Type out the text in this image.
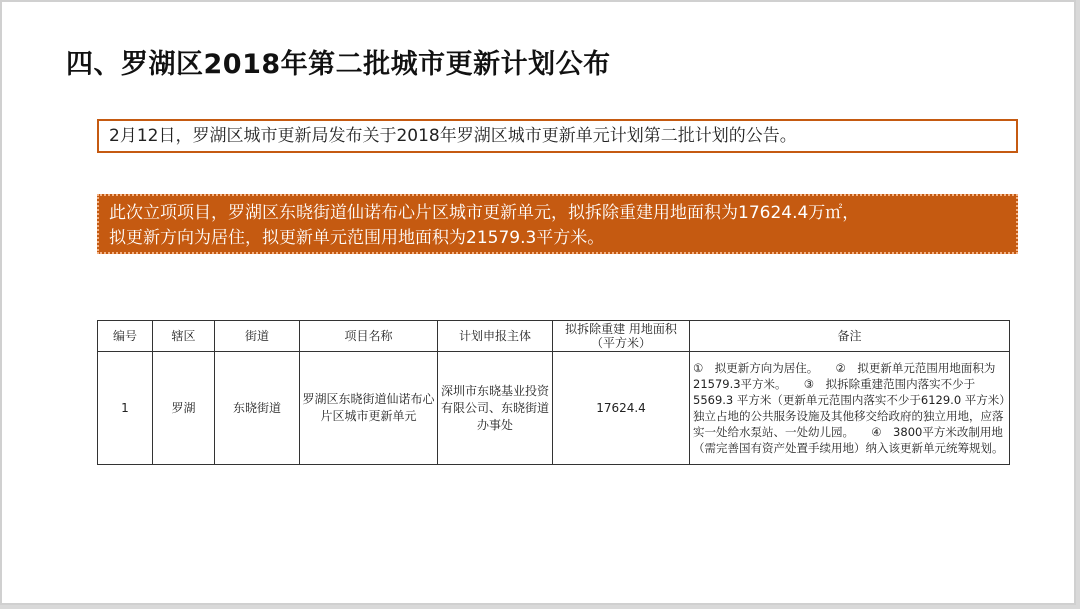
四、罗湖区2018年第二批城市更新计划公布
2月12日，罗湖区城市更新局发布关于2018年罗湖区城市更新单元计划第二批计划的公告。
此次立项项目，罗湖区东晓街道仙诺布心片区城市更新单元，拟拆除重建用地面积为17624.4万㎡，
拟更新方向为居住，拟更新单元范围用地面积为21579.3平方米。
编号	辖区	街道	项目名称	计划申报主体	拟拆除重建 用地面积（平方米）	备注
1	罗湖	东晓街道	罗湖区东晓街道仙诺布心片区城市更新单元	深圳市东晓基业投资有限公司、东晓街道办事处	17624.4	①　拟更新方向为居住。　　②　拟更新单元范围用地面积为21579.3平方米。　　③　拟拆除重建范围内落实不少于 5569.3 平方米（更新单元范围内落实不少于6129.0 平方米）独立占地的公共服务设施及其他移交给政府的独立用地，应落实一处给水泵站、一处幼儿园。　　④　3800平方米改制用地（需完善国有资产处置手续用地）纳入该更新单元统筹规划。
